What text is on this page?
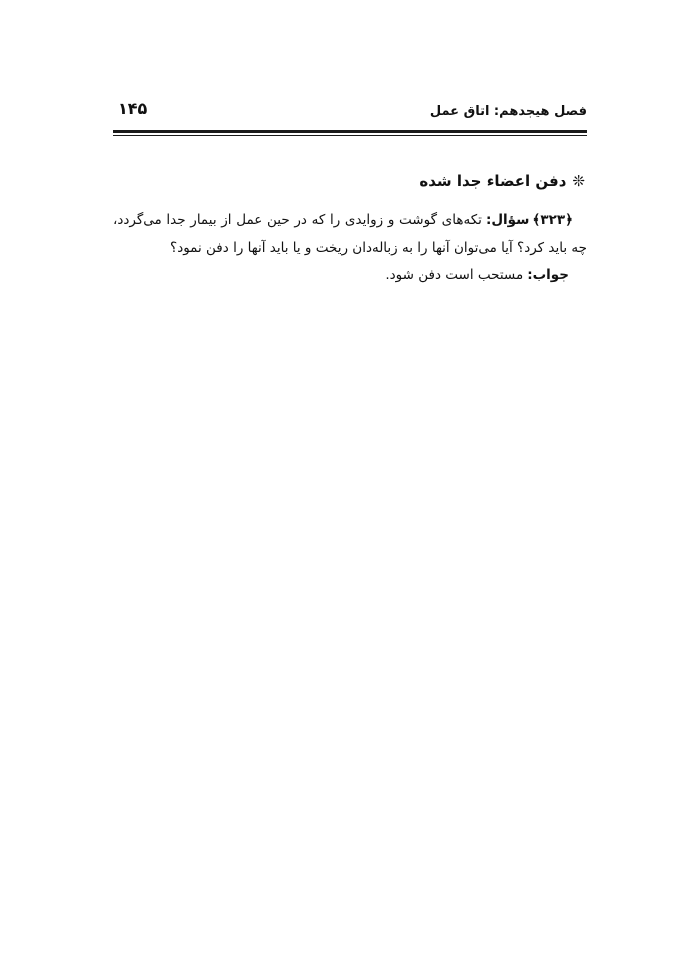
فصل هیجدهم: اتاق عمل
۱۴۵
❊دفن اعضاء جدا شده

﴿۳۲۳﴾سؤال:تکه‌های گوشت و زوایدی را که در حین عمل از بیمار جدا می‌گردد، چه باید کرد؟ آیا می‌توان آنها را به زباله‌دان ریخت و یا باید آنها را دفن نمود؟

جواب:مستحب است دفن شود.
